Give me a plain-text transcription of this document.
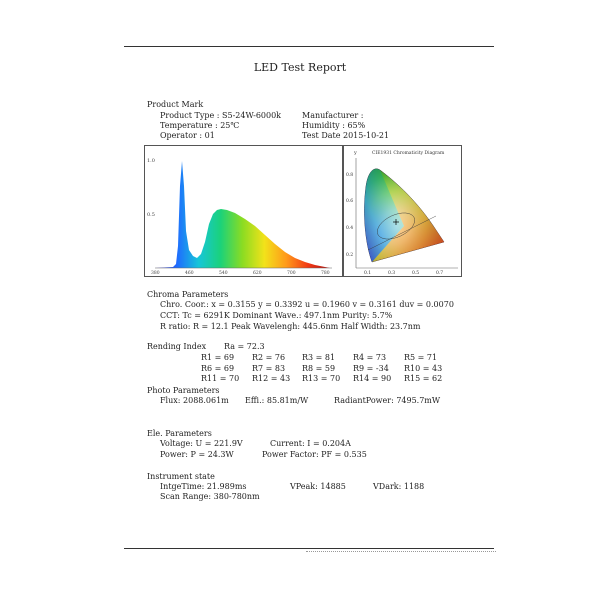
LED Test Report
Product Mark
Product Type : S5-24W-6000k	Manufacturer :
Temperature : 25℃	Humidity : 65%
Operator : 01	Test Date 2015-10-21
1.0
0.5
380	460	540	620	700	780
y	CIE1931 Chromaticity Diagram
0.8
0.6
0.4
0.2
0.1	0.3	0.5	0.7
Chroma Parameters
Chro. Coor.: x = 0.3155 y = 0.3392 u = 0.1960 v = 0.3161 duv = 0.0070
CCT: Tc = 6291K Dominant Wave.: 497.1nm Purity: 5.7%
R ratio: R = 12.1 Peak Wavelengh: 445.6nm Half Width: 23.7nm
Rending Index Ra = 72.3
R1 = 69 R2 = 76 R3 = 81 R4 = 73 R5 = 71
R6 = 69 R7 = 83 R8 = 59 R9 = -34 R10 = 43
R11 = 70 R12 = 43 R13 = 70 R14 = 90 R15 = 62
Photo Parameters
Flux: 2088.061m Effi.: 85.81m/W	RadiantPower: 7495.7mW
Ele. Parameters
Voltage: U = 221.9V	Current: I = 0.204A
Power: P = 24.3W	Power Factor: PF = 0.535
Instrument state
IntgeTime: 21.989ms	VPeak: 14885	VDark: 1188
Scan Range: 380-780nm
